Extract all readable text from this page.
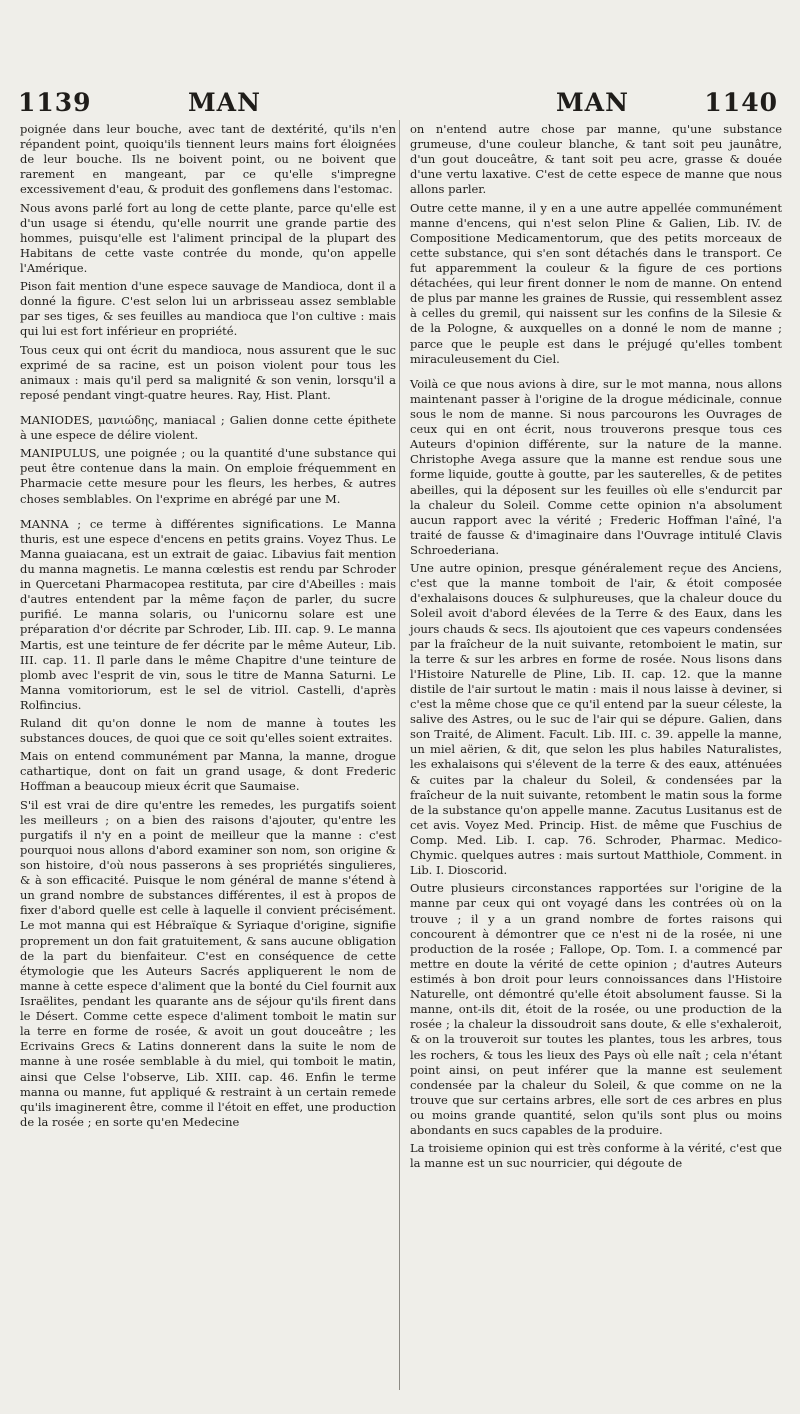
1139	MAN	MAN	1140

poignée dans leur bouche, avec tant de dextérité, qu'ils n'en répandent point, quoiqu'ils tiennent leurs mains fort éloignées de leur bouche. Ils ne boivent point, ou ne boivent que rarement en mangeant, par ce qu'elle s'impregne excessivement d'eau, & produit des gonflemens dans l'estomac.

Nous avons parlé fort au long de cette plante, parce qu'elle est d'un usage si étendu, qu'elle nourrit une grande partie des hommes, puisqu'elle est l'aliment principal de la plupart des Habitans de cette vaste contrée du monde, qu'on appelle l'Amérique.

Pison fait mention d'une espece sauvage de Mandioca, dont il a donné la figure. C'est selon lui un arbrisseau assez semblable par ses tiges, & ses feuilles au mandioca que l'on cultive : mais qui lui est fort inférieur en propriété.

Tous ceux qui ont écrit du mandioca, nous assurent que le suc exprimé de sa racine, est un poison violent pour tous les animaux : mais qu'il perd sa malignité & son venin, lorsqu'il a reposé pendant vingt-quatre heures. Ray, Hist. Plant.

MANIODES, μανιώδης, maniacal ; Galien donne cette épithete à une espece de délire violent.

MANIPULUS, une poignée ; ou la quantité d'une substance qui peut être contenue dans la main. On emploie fréquemment en Pharmacie cette mesure pour les fleurs, les herbes, & autres choses semblables. On l'exprime en abrégé par une M.

MANNA ; ce terme à différentes significations. Le Manna thuris, est une espece d'encens en petits grains. Voyez Thus. Le Manna guaiacana, est un extrait de gaiac. Libavius fait mention du manna magnetis. Le manna cœlestis est rendu par Schroder in Quercetani Pharmacopea restituta, par cire d'Abeilles : mais d'autres entendent par la même façon de parler, du sucre purifié. Le manna solaris, ou l'unicornu solare est une préparation d'or décrite par Schroder, Lib. III. cap. 9. Le manna Martis, est une teinture de fer décrite par le même Auteur, Lib. III. cap. 11. Il parle dans le même Chapitre d'une teinture de plomb avec l'esprit de vin, sous le titre de Manna Saturni. Le Manna vomitoriorum, est le sel de vitriol. Castelli, d'après Rolfincius.

Ruland dit qu'on donne le nom de manne à toutes les substances douces, de quoi que ce soit qu'elles soient extraites.

Mais on entend communément par Manna, la manne, drogue cathartique, dont on fait un grand usage, & dont Frederic Hoffman a beaucoup mieux écrit que Saumaise.

S'il est vrai de dire qu'entre les remedes, les purgatifs soient les meilleurs ; on a bien des raisons d'ajouter, qu'entre les purgatifs il n'y en a point de meilleur que la manne : c'est pourquoi nous allons d'abord examiner son nom, son origine & son histoire, d'où nous passerons à ses propriétés singulieres, & à son efficacité. Puisque le nom général de manne s'étend à un grand nombre de substances différentes, il est à propos de fixer d'abord quelle est celle à laquelle il convient précisément. Le mot manna qui est Hébraïque & Syriaque d'origine, signifie proprement un don fait gratuitement, & sans aucune obligation de la part du bienfaiteur. C'est en conséquence de cette étymologie que les Auteurs Sacrés appliquerent le nom de manne à cette espece d'aliment que la bonté du Ciel fournit aux Israëlites, pendant les quarante ans de séjour qu'ils firent dans le Désert. Comme cette espece d'aliment tomboit le matin sur la terre en forme de rosée, & avoit un gout douceâtre ; les Ecrivains Grecs & Latins donnerent dans la suite le nom de manne à une rosée semblable à du miel, qui tomboit le matin, ainsi que Celse l'observe, Lib. XIII. cap. 46. Enfin le terme manna ou manne, fut appliqué & restraint à un certain remede qu'ils imaginerent être, comme il l'étoit en effet, une production de la rosée ; en sorte qu'en Medecine

on n'entend autre chose par manne, qu'une substance grumeuse, d'une couleur blanche, & tant soit peu jaunâtre, d'un gout douceâtre, & tant soit peu acre, grasse & douée d'une vertu laxative. C'est de cette espece de manne que nous allons parler.

Outre cette manne, il y en a une autre appellée communément manne d'encens, qui n'est selon Pline & Galien, Lib. IV. de Compositione Medicamentorum, que des petits morceaux de cette substance, qui s'en sont détachés dans le transport. Ce fut apparemment la couleur & la figure de ces portions détachées, qui leur firent donner le nom de manne. On entend de plus par manne les graines de Russie, qui ressemblent assez à celles du gremil, qui naissent sur les confins de la Silesie & de la Pologne, & auxquelles on a donné le nom de manne ; parce que le peuple est dans le préjugé qu'elles tombent miraculeusement du Ciel.

Voilà ce que nous avions à dire, sur le mot manna, nous allons maintenant passer à l'origine de la drogue médicinale, connue sous le nom de manne. Si nous parcourons les Ouvrages de ceux qui en ont écrit, nous trouverons presque tous ces Auteurs d'opinion différente, sur la nature de la manne. Christophe Avega assure que la manne est rendue sous une forme liquide, goutte à goutte, par les sauterelles, & de petites abeilles, qui la déposent sur les feuilles où elle s'endurcit par la chaleur du Soleil. Comme cette opinion n'a absolument aucun rapport avec la vérité ; Frederic Hoffman l'aîné, l'a traité de fausse & d'imaginaire dans l'Ouvrage intitulé Clavis Schroederiana.

Une autre opinion, presque généralement reçue des Anciens, c'est que la manne tomboit de l'air, & étoit composée d'exhalaisons douces & sulphureuses, que la chaleur douce du Soleil avoit d'abord élevées de la Terre & des Eaux, dans les jours chauds & secs. Ils ajoutoient que ces vapeurs condensées par la fraîcheur de la nuit suivante, retomboient le matin, sur la terre & sur les arbres en forme de rosée. Nous lisons dans l'Histoire Naturelle de Pline, Lib. II. cap. 12. que la manne distile de l'air surtout le matin : mais il nous laisse à deviner, si c'est la même chose que ce qu'il entend par la sueur céleste, la salive des Astres, ou le suc de l'air qui se dépure. Galien, dans son Traité, de Aliment. Facult. Lib. III. c. 39. appelle la manne, un miel aërien, & dit, que selon les plus habiles Naturalistes, les exhalaisons qui s'élevent de la terre & des eaux, atténuées & cuites par la chaleur du Soleil, & condensées par la fraîcheur de la nuit suivante, retombent le matin sous la forme de la substance qu'on appelle manne. Zacutus Lusitanus est de cet avis. Voyez Med. Princip. Hist. de même que Fuschius de Comp. Med. Lib. I. cap. 76. Schroder, Pharmac. Medico-Chymic. quelques autres : mais surtout Matthiole, Comment. in Lib. I. Dioscorid.

Outre plusieurs circonstances rapportées sur l'origine de la manne par ceux qui ont voyagé dans les contrées où on la trouve ; il y a un grand nombre de fortes raisons qui concourent à démontrer que ce n'est ni de la rosée, ni une production de la rosée ; Fallope, Op. Tom. I. a commencé par mettre en doute la vérité de cette opinion ; d'autres Auteurs estimés à bon droit pour leurs connoissances dans l'Histoire Naturelle, ont démontré qu'elle étoit absolument fausse. Si la manne, ont-ils dit, étoit de la rosée, ou une production de la rosée ; la chaleur la dissoudroit sans doute, & elle s'exhaleroit, & on la trouveroit sur toutes les plantes, tous les arbres, tous les rochers, & tous les lieux des Pays où elle naît ; cela n'étant point ainsi, on peut inférer que la manne est seulement condensée par la chaleur du Soleil, & que comme on ne la trouve que sur certains arbres, elle sort de ces arbres en plus ou moins grande quantité, selon qu'ils sont plus ou moins abondants en sucs capables de la produire.

La troisieme opinion qui est très conforme à la vérité, c'est que la manne est un suc nourricier, qui dégoute de
